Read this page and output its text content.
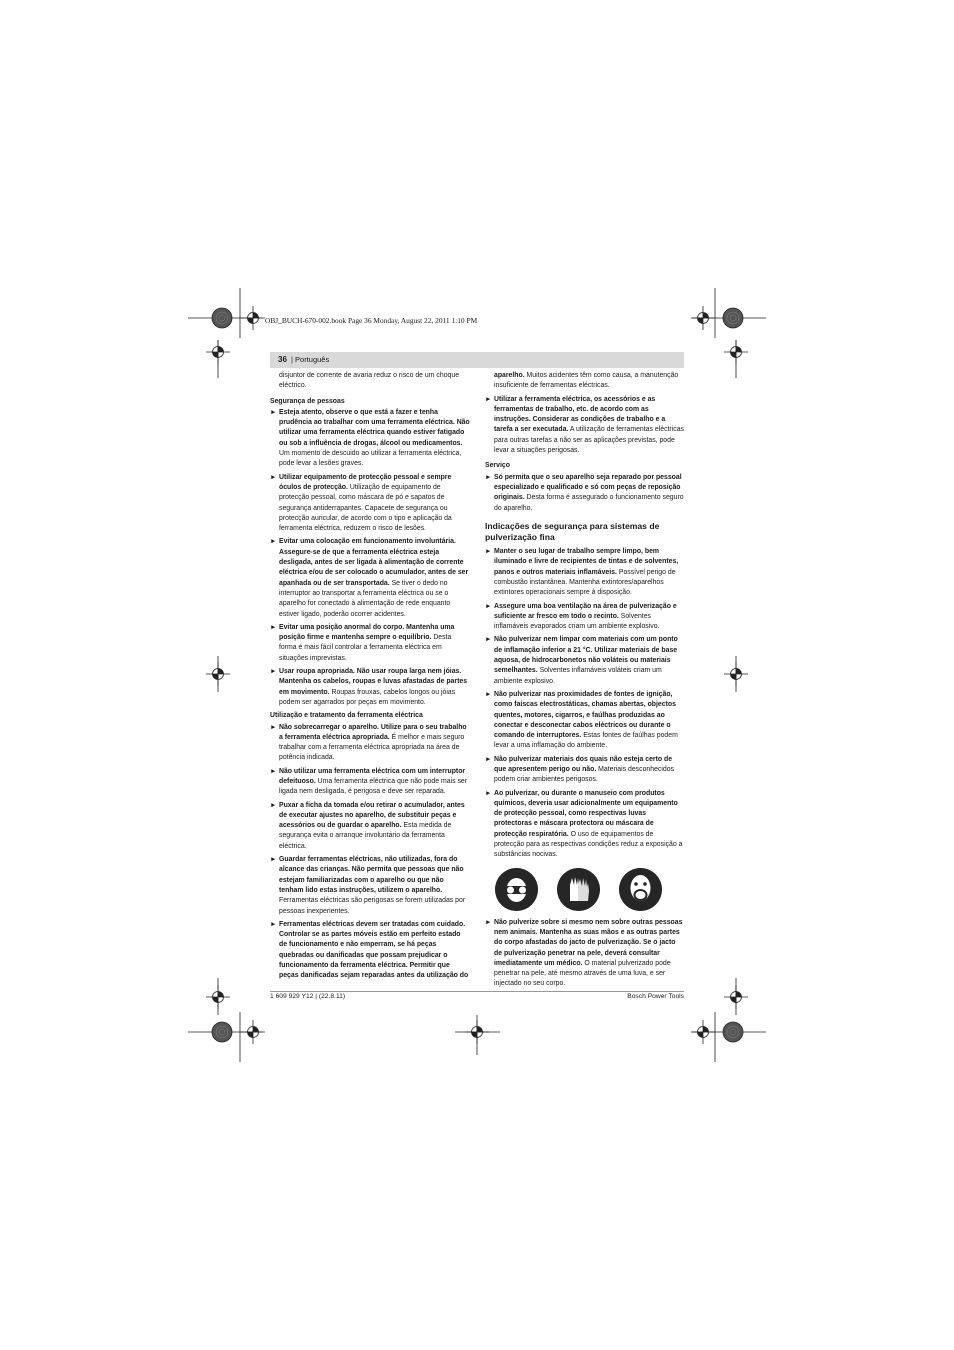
OBJ_BUCH-670-002.book Page 36 Monday, August 22, 2011 1:10 PM
36 | Português

disjuntor de corrente de avaria reduz o risco de um choque eléctrico.

Segurança de pessoas

► Esteja atento, observe o que está a fazer e tenha prudência ao trabalhar com uma ferramenta eléctrica. Não utilizar uma ferramenta eléctrica quando estiver fatigado ou sob a influência de drogas, álcool ou medicamentos. Um momento de descuido ao utilizar a ferramenta eléctrica, pode levar a lesões graves.
► Utilizar equipamento de protecção pessoal e sempre óculos de protecção. Utilização de equipamento de protecção pessoal, como máscara de pó e sapatos de segurança antiderrapantes. Capacete de segurança ou protecção auricular, de acordo com o tipo e aplicação da ferramenta eléctrica, reduzem o risco de lesões.
► Evitar uma colocação em funcionamento involuntária. Assegure-se de que a ferramenta eléctrica esteja desligada, antes de ser ligada à alimentação de corrente eléctrica e/ou de ser colocado o acumulador, antes de ser apanhada ou de ser transportada. Se tiver o dedo no interruptor ao transportar a ferramenta eléctrica ou se o aparelho for conectado à alimentação de rede enquanto estiver ligado, poderão ocorrer acidentes.
► Evitar uma posição anormal do corpo. Mantenha uma posição firme e mantenha sempre o equilíbrio. Desta forma é mais fácil controlar a ferramenta eléctrica em situações imprevistas.
► Usar roupa apropriada. Não usar roupa larga nem jóias. Mantenha os cabelos, roupas e luvas afastadas de partes em movimento. Roupas frouxas, cabelos longos ou jóias podem ser agarrados por peças em movimento.

Utilização e tratamento da ferramenta eléctrica

► Não sobrecarregar o aparelho. Utilize para o seu trabalho a ferramenta eléctrica apropriada. É melhor e mais seguro trabalhar com a ferramenta eléctrica apropriada na área de potência indicada.
► Não utilizar uma ferramenta eléctrica com um interruptor defeituoso. Uma ferramenta eléctrica que não pode mais ser ligada nem desligada, é perigosa e deve ser reparada.
► Puxar a ficha da tomada e/ou retirar o acumulador, antes de executar ajustes no aparelho, de substituir peças e acessórios ou de guardar o aparelho. Esta medida de segurança evita o arranque involuntário da ferramenta eléctrica.
► Guardar ferramentas eléctricas, não utilizadas, fora do alcance das crianças. Não permita que pessoas que não estejam familiarizadas com o aparelho ou que não tenham lido estas instruções, utilizem o aparelho. Ferramentas eléctricas são perigosas se forem utilizadas por pessoas inexperientes.
► Ferramentas eléctricas devem ser tratadas com cuidado. Controlar se as partes móveis estão em perfeito estado de funcionamento e não emperram, se há peças quebradas ou danificadas que possam prejudicar o funcionamento da ferramenta eléctrica. Permitir que peças danificadas sejam reparadas antes da utilização do

aparelho. Muitos acidentes têm como causa, a manutenção insuficiente de ferramentas eléctricas.

► Utilizar a ferramenta eléctrica, os acessórios e as ferramentas de trabalho, etc. de acordo com as instruções. Considerar as condições de trabalho e a tarefa a ser executada. A utilização de ferramentas eléctricas para outras tarefas a não ser as aplicações previstas, pode levar a situações perigosas.

Serviço

► Só permita que o seu aparelho seja reparado por pessoal especializado e qualificado e só com peças de reposição originais. Desta forma é assegurado o funcionamento seguro do aparelho.

Indicações de segurança para sistemas de pulverização fina

► Manter o seu lugar de trabalho sempre limpo, bem iluminado e livre de recipientes de tintas e de solventes, panos e outros materiais inflamáveis. Possível perigo de combustão instantânea. Mantenha extintores/aparelhos extintores operacionais sempre à disposição.
► Assegure uma boa ventilação na área de pulverização e suficiente ar fresco em todo o recinto. Solventes inflamáveis evaporados criam um ambiente explosivo.
► Não pulverizar nem limpar com materiais com um ponto de inflamação inferior a 21 °C. Utilizar materiais de base aquosa, de hidrocarbonetos não voláteis ou materiais semelhantes. Solventes inflamáveis voláteis criam um ambiente explosivo.
► Não pulverizar nas proximidades de fontes de ignição, como faíscas electrostáticas, chamas abertas, objectos quentes, motores, cigarros, e faúlhas produzidas ao conectar e desconectar cabos eléctricos ou durante o comando de interruptores. Estas fontes de faúlhas podem levar a uma inflamação do ambiente.
► Não pulverizar materiais dos quais não esteja certo de que apresentem perigo ou não. Materiais desconhecidos podem criar ambientes perigosos.
► Ao pulverizar, ou durante o manuseio com produtos químicos, deveria usar adicionalmente um equipamento de protecção pessoal, como respectivas luvas protectoras e máscara protectora ou máscara de protecção respiratória. O uso de equipamentos de protecção para as respectivas condições reduz a exposição a substâncias nocivas.
► Não pulverize sobre si mesmo nem sobre outras pessoas nem animais. Mantenha as suas mãos e as outras partes do corpo afastadas do jacto de pulverização. Se o jacto de pulverização penetrar na pele, deverá consultar imediatamente um médico. O material pulverizado pode penetrar na pele, até mesmo através de uma luva, e ser injectado no seu corpo.
1 609 929 Y12 | (22.8.11)	Bosch Power Tools
